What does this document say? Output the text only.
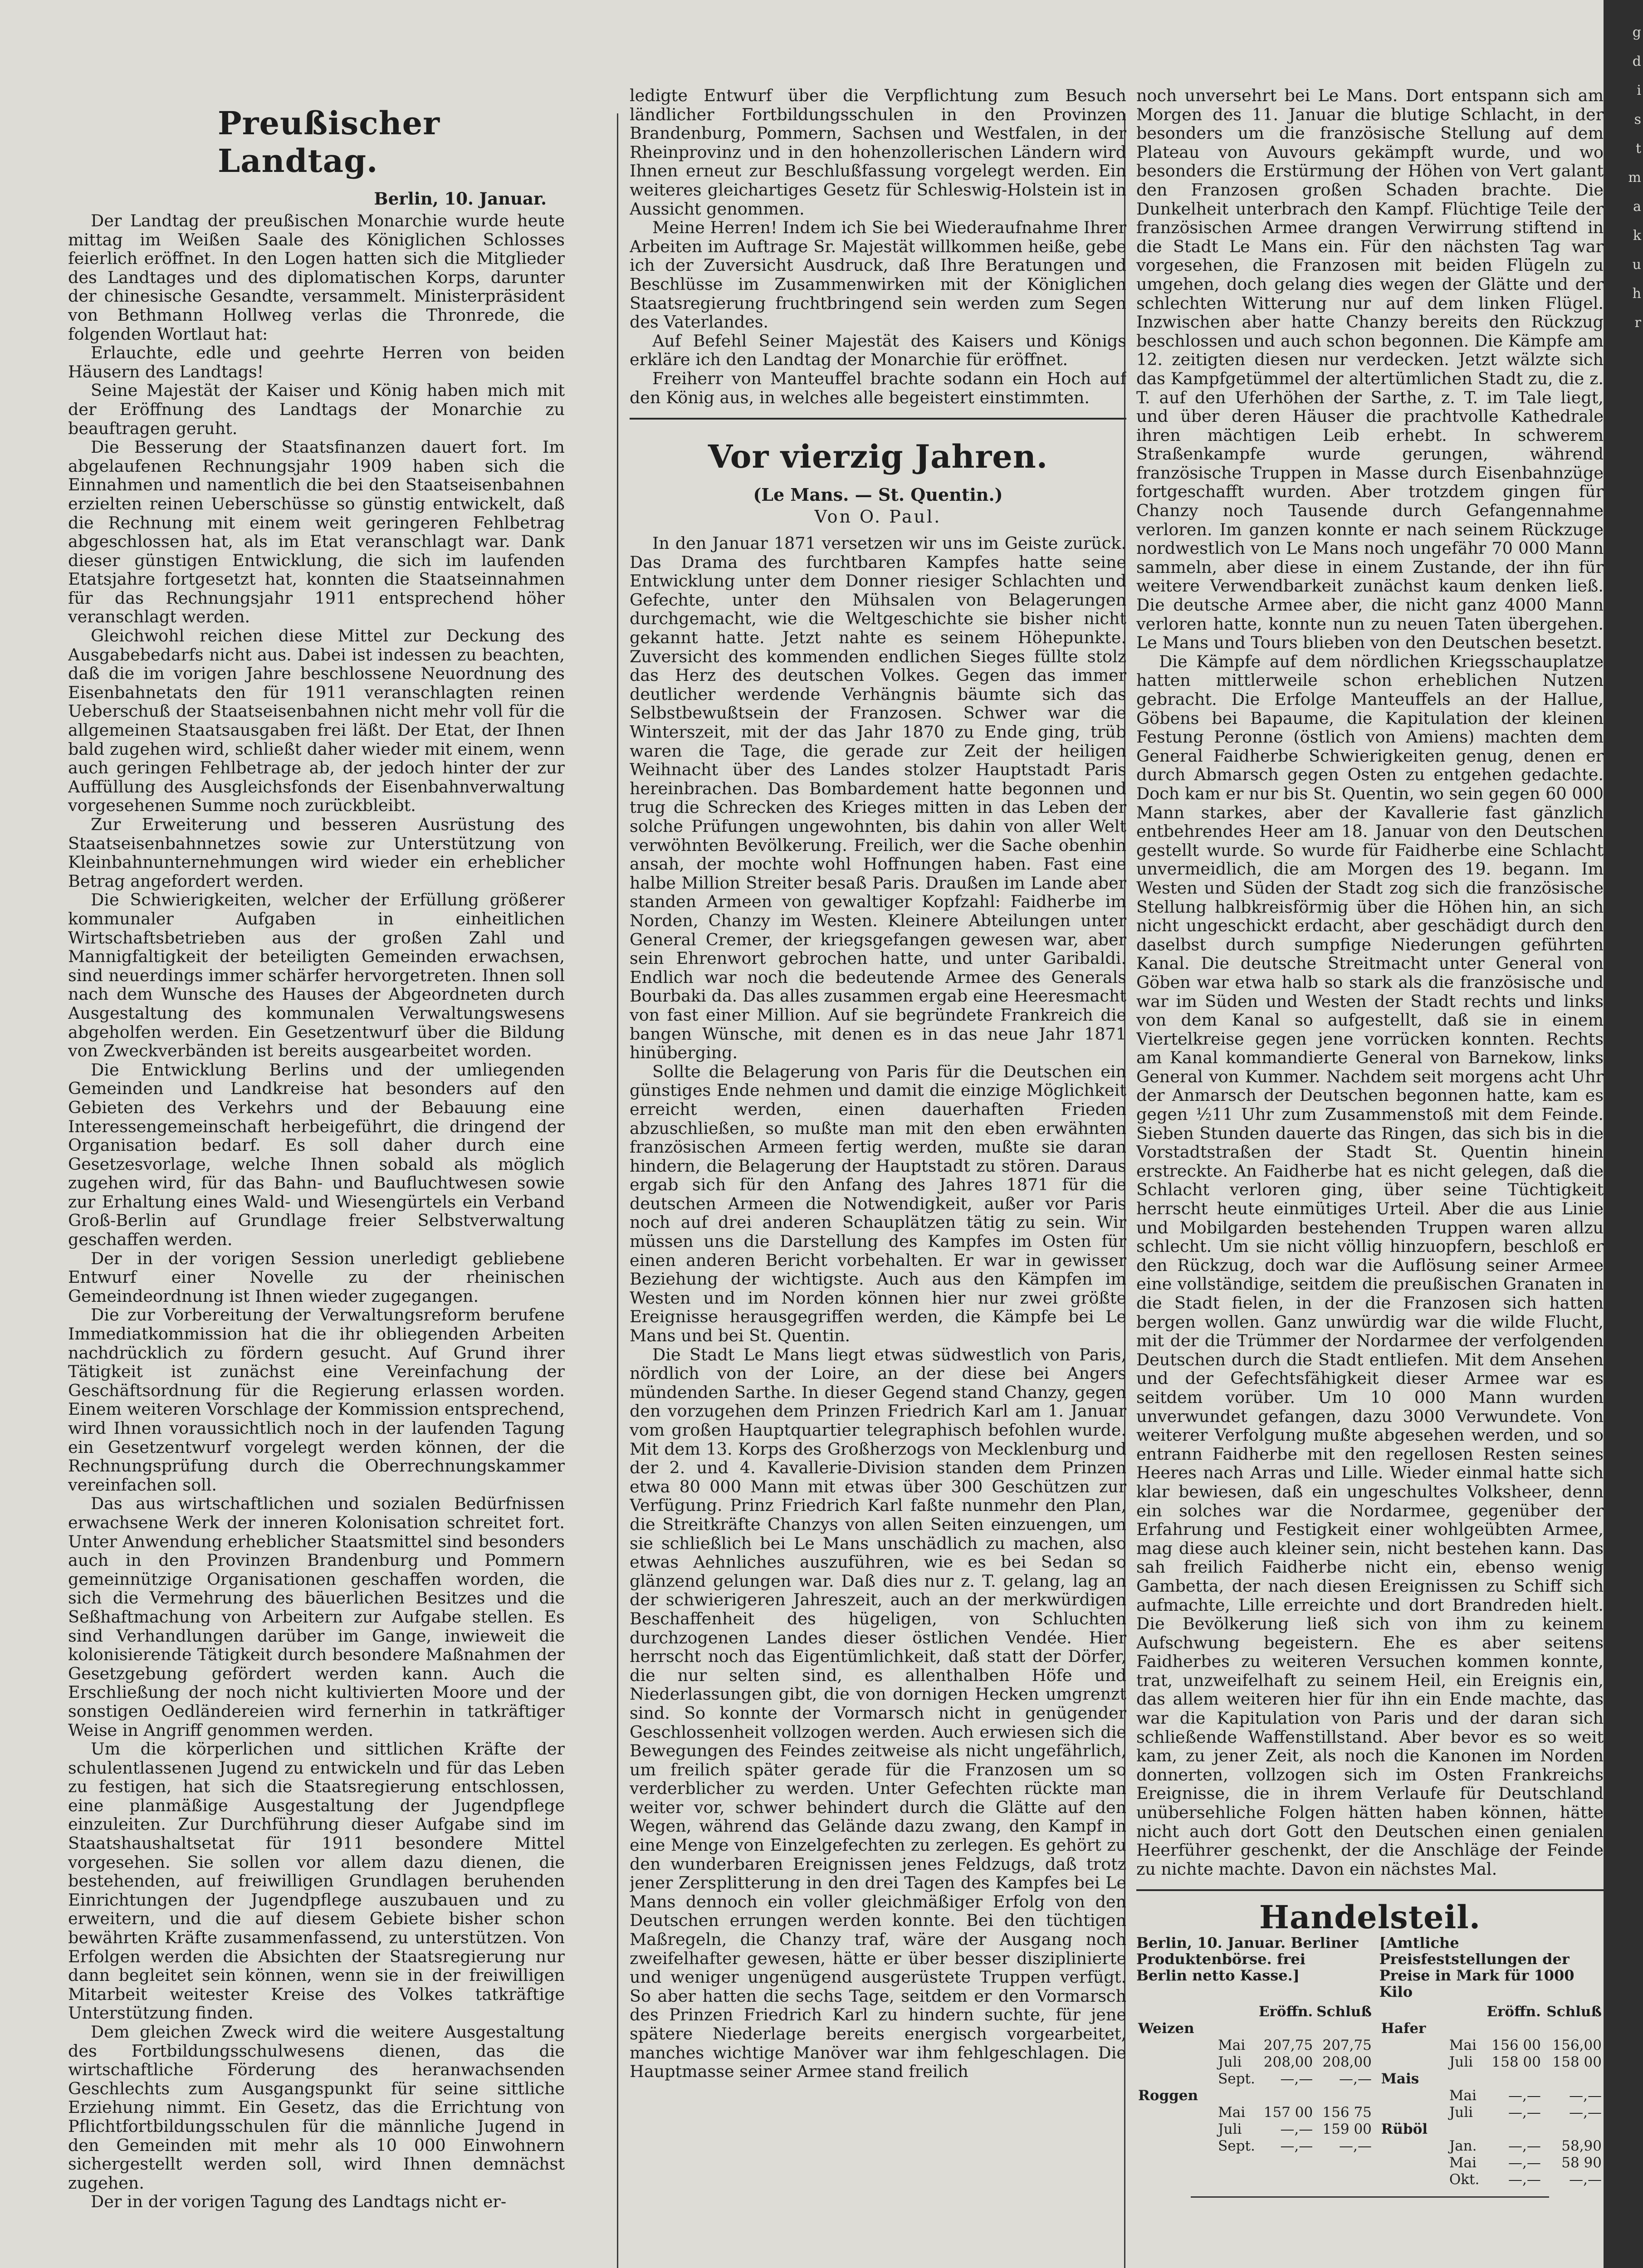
Preußischer Landtag.
Berlin, 10. Januar.

Der Landtag der preußischen Monarchie wurde heute mittag im Weißen Saale des Königlichen Schlosses feierlich eröffnet. In den Logen hatten sich die Mitglieder des Landtages und des diplomatischen Korps, darunter der chinesische Gesandte, versammelt. Ministerpräsident von Bethmann Hollweg verlas die Thronrede, die folgenden Wortlaut hat:

Erlauchte, edle und geehrte Herren von beiden Häusern des Landtags!

Seine Majestät der Kaiser und König haben mich mit der Eröffnung des Landtags der Monarchie zu beauftragen geruht.

Die Besserung der Staatsfinanzen dauert fort. Im abgelaufenen Rechnungsjahr 1909 haben sich die Einnahmen und namentlich die bei den Staatseisenbahnen erzielten reinen Ueberschüsse so günstig entwickelt, daß die Rechnung mit einem weit geringeren Fehlbetrag abgeschlossen hat, als im Etat veranschlagt war. Dank dieser günstigen Entwicklung, die sich im laufenden Etatsjahre fortgesetzt hat, konnten die Staatseinnahmen für das Rechnungsjahr 1911 entsprechend höher veranschlagt werden.

Gleichwohl reichen diese Mittel zur Deckung des Ausgabebedarfs nicht aus. Dabei ist indessen zu beachten, daß die im vorigen Jahre beschlossene Neuordnung des Eisenbahnetats den für 1911 veranschlagten reinen Ueberschuß der Staatseisenbahnen nicht mehr voll für die allgemeinen Staatsausgaben frei läßt. Der Etat, der Ihnen bald zugehen wird, schließt daher wieder mit einem, wenn auch geringen Fehlbetrage ab, der jedoch hinter der zur Auffüllung des Ausgleichsfonds der Eisenbahnverwaltung vorgesehenen Summe noch zurückbleibt.

Zur Erweiterung und besseren Ausrüstung des Staatseisenbahnnetzes sowie zur Unterstützung von Kleinbahnunternehmungen wird wieder ein erheblicher Betrag angefordert werden.

Die Schwierigkeiten, welcher der Erfüllung größerer kommunaler Aufgaben in einheitlichen Wirtschaftsbetrieben aus der großen Zahl und Mannigfaltigkeit der beteiligten Gemeinden erwachsen, sind neuerdings immer schärfer hervorgetreten. Ihnen soll nach dem Wunsche des Hauses der Abgeordneten durch Ausgestaltung des kommunalen Verwaltungswesens abgeholfen werden. Ein Gesetzentwurf über die Bildung von Zweckverbänden ist bereits ausgearbeitet worden.

Die Entwicklung Berlins und der umliegenden Gemeinden und Landkreise hat besonders auf den Gebieten des Verkehrs und der Bebauung eine Interessengemeinschaft herbeigeführt, die dringend der Organisation bedarf. Es soll daher durch eine Gesetzesvorlage, welche Ihnen sobald als möglich zugehen wird, für das Bahn- und Baufluchtwesen sowie zur Erhaltung eines Wald- und Wiesengürtels ein Verband Groß-Berlin auf Grundlage freier Selbstverwaltung geschaffen werden.

Der in der vorigen Session unerledigt gebliebene Entwurf einer Novelle zu der rheinischen Gemeindeordnung ist Ihnen wieder zugegangen.

Die zur Vorbereitung der Verwaltungsreform berufene Immediatkommission hat die ihr obliegenden Arbeiten nachdrücklich zu fördern gesucht. Auf Grund ihrer Tätigkeit ist zunächst eine Vereinfachung der Geschäftsordnung für die Regierung erlassen worden. Einem weiteren Vorschlage der Kommission entsprechend, wird Ihnen voraussichtlich noch in der laufenden Tagung ein Gesetzentwurf vorgelegt werden können, der die Rechnungsprüfung durch die Oberrechnungskammer vereinfachen soll.

Das aus wirtschaftlichen und sozialen Bedürfnissen erwachsene Werk der inneren Kolonisation schreitet fort. Unter Anwendung erheblicher Staatsmittel sind besonders auch in den Provinzen Brandenburg und Pommern gemeinnützige Organisationen geschaffen worden, die sich die Vermehrung des bäuerlichen Besitzes und die Seßhaftmachung von Arbeitern zur Aufgabe stellen. Es sind Verhandlungen darüber im Gange, inwieweit die kolonisierende Tätigkeit durch besondere Maßnahmen der Gesetzgebung gefördert werden kann. Auch die Erschließung der noch nicht kultivierten Moore und der sonstigen Oedländereien wird fernerhin in tatkräftiger Weise in Angriff genommen werden.

Um die körperlichen und sittlichen Kräfte der schulentlassenen Jugend zu entwickeln und für das Leben zu festigen, hat sich die Staatsregierung entschlossen, eine planmäßige Ausgestaltung der Jugendpflege einzuleiten. Zur Durchführung dieser Aufgabe sind im Staatshaushaltsetat für 1911 besondere Mittel vorgesehen. Sie sollen vor allem dazu dienen, die bestehenden, auf freiwilligen Grundlagen beruhenden Einrichtungen der Jugendpflege auszubauen und zu erweitern, und die auf diesem Gebiete bisher schon bewährten Kräfte zusammenfassend, zu unterstützen. Von Erfolgen werden die Absichten der Staatsregierung nur dann begleitet sein können, wenn sie in der freiwilligen Mitarbeit weitester Kreise des Volkes tatkräftige Unterstützung finden.

Dem gleichen Zweck wird die weitere Ausgestaltung des Fortbildungsschulwesens dienen, das die wirtschaftliche Förderung des heranwachsenden Geschlechts zum Ausgangspunkt für seine sittliche Erziehung nimmt. Ein Gesetz, das die Errichtung von Pflichtfortbildungsschulen für die männliche Jugend in den Gemeinden mit mehr als 10 000 Einwohnern sichergestellt werden soll, wird Ihnen demnächst zugehen.

Der in der vorigen Tagung des Landtags nicht er-

ledigte Entwurf über die Verpflichtung zum Besuch ländlicher Fortbildungsschulen in den Provinzen Brandenburg, Pommern, Sachsen und Westfalen, in der Rheinprovinz und in den hohenzollerischen Ländern wird Ihnen erneut zur Beschlußfassung vorgelegt werden. Ein weiteres gleichartiges Gesetz für Schleswig-Holstein ist in Aussicht genommen.

Meine Herren! Indem ich Sie bei Wiederaufnahme Ihrer Arbeiten im Auftrage Sr. Majestät willkommen heiße, gebe ich der Zuversicht Ausdruck, daß Ihre Beratungen und Beschlüsse im Zusammenwirken mit der Königlichen Staatsregierung fruchtbringend sein werden zum Segen des Vaterlandes.

Auf Befehl Seiner Majestät des Kaisers und Königs erkläre ich den Landtag der Monarchie für eröffnet.

Freiherr von Manteuffel brachte sodann ein Hoch auf den König aus, in welches alle begeistert einstimmten.

Vor vierzig Jahren.
(Le Mans. — St. Quentin.)
Von O. Paul.

In den Januar 1871 versetzen wir uns im Geiste zurück. Das Drama des furchtbaren Kampfes hatte seine Entwicklung unter dem Donner riesiger Schlachten und Gefechte, unter den Mühsalen von Belagerungen durchgemacht, wie die Weltgeschichte sie bisher nicht gekannt hatte. Jetzt nahte es seinem Höhepunkte. Zuversicht des kommenden endlichen Sieges füllte stolz das Herz des deutschen Volkes. Gegen das immer deutlicher werdende Verhängnis bäumte sich das Selbstbewußtsein der Franzosen. Schwer war die Winterszeit, mit der das Jahr 1870 zu Ende ging, trüb waren die Tage, die gerade zur Zeit der heiligen Weihnacht über des Landes stolzer Hauptstadt Paris hereinbrachen. Das Bombardement hatte begonnen und trug die Schrecken des Krieges mitten in das Leben der solche Prüfungen ungewohnten, bis dahin von aller Welt verwöhnten Bevölkerung. Freilich, wer die Sache obenhin ansah, der mochte wohl Hoffnungen haben. Fast eine halbe Million Streiter besaß Paris. Draußen im Lande aber standen Armeen von gewaltiger Kopfzahl: Faidherbe im Norden, Chanzy im Westen. Kleinere Abteilungen unter General Cremer, der kriegsgefangen gewesen war, aber sein Ehrenwort gebrochen hatte, und unter Garibaldi. Endlich war noch die bedeutende Armee des Generals Bourbaki da. Das alles zusammen ergab eine Heeresmacht von fast einer Million. Auf sie begründete Frankreich die bangen Wünsche, mit denen es in das neue Jahr 1871 hinüberging.

Sollte die Belagerung von Paris für die Deutschen ein günstiges Ende nehmen und damit die einzige Möglichkeit erreicht werden, einen dauerhaften Frieden abzuschließen, so mußte man mit den eben erwähnten französischen Armeen fertig werden, mußte sie daran hindern, die Belagerung der Hauptstadt zu stören. Daraus ergab sich für den Anfang des Jahres 1871 für die deutschen Armeen die Notwendigkeit, außer vor Paris noch auf drei anderen Schauplätzen tätig zu sein. Wir müssen uns die Darstellung des Kampfes im Osten für einen anderen Bericht vorbehalten. Er war in gewisser Beziehung der wichtigste. Auch aus den Kämpfen im Westen und im Norden können hier nur zwei größte Ereignisse herausgegriffen werden, die Kämpfe bei Le Mans und bei St. Quentin.

Die Stadt Le Mans liegt etwas südwestlich von Paris, nördlich von der Loire, an der diese bei Angers mündenden Sarthe. In dieser Gegend stand Chanzy, gegen den vorzugehen dem Prinzen Friedrich Karl am 1. Januar vom großen Hauptquartier telegraphisch befohlen wurde. Mit dem 13. Korps des Großherzogs von Mecklenburg und der 2. und 4. Kavallerie-Division standen dem Prinzen etwa 80 000 Mann mit etwas über 300 Geschützen zur Verfügung. Prinz Friedrich Karl faßte nunmehr den Plan, die Streitkräfte Chanzys von allen Seiten einzuengen, um sie schließlich bei Le Mans unschädlich zu machen, also etwas Aehnliches auszuführen, wie es bei Sedan so glänzend gelungen war. Daß dies nur z. T. gelang, lag an der schwierigeren Jahreszeit, auch an der merkwürdigen Beschaffenheit des hügeligen, von Schluchten durchzogenen Landes dieser östlichen Vendée. Hier herrscht noch das Eigentümlichkeit, daß statt der Dörfer, die nur selten sind, es allenthalben Höfe und Niederlassungen gibt, die von dornigen Hecken umgrenzt sind. So konnte der Vormarsch nicht in genügender Geschlossenheit vollzogen werden. Auch erwiesen sich die Bewegungen des Feindes zeitweise als nicht ungefährlich, um freilich später gerade für die Franzosen um so verderblicher zu werden. Unter Gefechten rückte man weiter vor, schwer behindert durch die Glätte auf den Wegen, während das Gelände dazu zwang, den Kampf in eine Menge von Einzelgefechten zu zerlegen. Es gehört zu den wunderbaren Ereignissen jenes Feldzugs, daß trotz jener Zersplitterung in den drei Tagen des Kampfes bei Le Mans dennoch ein voller gleichmäßiger Erfolg von den Deutschen errungen werden konnte. Bei den tüchtigen Maßregeln, die Chanzy traf, wäre der Ausgang noch zweifelhafter gewesen, hätte er über besser disziplinierte und weniger ungenügend ausgerüstete Truppen verfügt. So aber hatten die sechs Tage, seitdem er den Vormarsch des Prinzen Friedrich Karl zu hindern suchte, für jene spätere Niederlage bereits energisch vorgearbeitet, manches wichtige Manöver war ihm fehlgeschlagen. Die Hauptmasse seiner Armee stand freilich

noch unversehrt bei Le Mans. Dort entspann sich am Morgen des 11. Januar die blutige Schlacht, in der besonders um die französische Stellung auf dem Plateau von Auvours gekämpft wurde, und wo besonders die Erstürmung der Höhen von Vert galant den Franzosen großen Schaden brachte. Die Dunkelheit unterbrach den Kampf. Flüchtige Teile der französischen Armee drangen Verwirrung stiftend in die Stadt Le Mans ein. Für den nächsten Tag war vorgesehen, die Franzosen mit beiden Flügeln zu umgehen, doch gelang dies wegen der Glätte und der schlechten Witterung nur auf dem linken Flügel. Inzwischen aber hatte Chanzy bereits den Rückzug beschlossen und auch schon begonnen. Die Kämpfe am 12. zeitigten diesen nur verdecken. Jetzt wälzte sich das Kampfgetümmel der altertümlichen Stadt zu, die z. T. auf den Uferhöhen der Sarthe, z. T. im Tale liegt, und über deren Häuser die prachtvolle Kathedrale ihren mächtigen Leib erhebt. In schwerem Straßenkampfe wurde gerungen, während französische Truppen in Masse durch Eisenbahnzüge fortgeschafft wurden. Aber trotzdem gingen für Chanzy noch Tausende durch Gefangennahme verloren. Im ganzen konnte er nach seinem Rückzuge nordwestlich von Le Mans noch ungefähr 70 000 Mann sammeln, aber diese in einem Zustande, der ihn für weitere Verwendbarkeit zunächst kaum denken ließ. Die deutsche Armee aber, die nicht ganz 4000 Mann verloren hatte, konnte nun zu neuen Taten übergehen. Le Mans und Tours blieben von den Deutschen besetzt.

Die Kämpfe auf dem nördlichen Kriegsschauplatze hatten mittlerweile schon erheblichen Nutzen gebracht. Die Erfolge Manteuffels an der Hallue, Göbens bei Bapaume, die Kapitulation der kleinen Festung Peronne (östlich von Amiens) machten dem General Faidherbe Schwierigkeiten genug, denen er durch Abmarsch gegen Osten zu entgehen gedachte. Doch kam er nur bis St. Quentin, wo sein gegen 60 000 Mann starkes, aber der Kavallerie fast gänzlich entbehrendes Heer am 18. Januar von den Deutschen gestellt wurde. So wurde für Faidherbe eine Schlacht unvermeidlich, die am Morgen des 19. begann. Im Westen und Süden der Stadt zog sich die französische Stellung halbkreisförmig über die Höhen hin, an sich nicht ungeschickt erdacht, aber geschädigt durch den daselbst durch sumpfige Niederungen geführten Kanal. Die deutsche Streitmacht unter General von Göben war etwa halb so stark als die französische und war im Süden und Westen der Stadt rechts und links von dem Kanal so aufgestellt, daß sie in einem Viertelkreise gegen jene vorrücken konnten. Rechts am Kanal kommandierte General von Barnekow, links General von Kummer. Nachdem seit morgens acht Uhr der Anmarsch der Deutschen begonnen hatte, kam es gegen ½11 Uhr zum Zusammenstoß mit dem Feinde. Sieben Stunden dauerte das Ringen, das sich bis in die Vorstadtstraßen der Stadt St. Quentin hinein erstreckte. An Faidherbe hat es nicht gelegen, daß die Schlacht verloren ging, über seine Tüchtigkeit herrscht heute einmütiges Urteil. Aber die aus Linie und Mobilgarden bestehenden Truppen waren allzu schlecht. Um sie nicht völlig hinzuopfern, beschloß er den Rückzug, doch war die Auflösung seiner Armee eine vollständige, seitdem die preußischen Granaten in die Stadt fielen, in der die Franzosen sich hatten bergen wollen. Ganz unwürdig war die wilde Flucht, mit der die Trümmer der Nordarmee der verfolgenden Deutschen durch die Stadt entliefen. Mit dem Ansehen und der Gefechtsfähigkeit dieser Armee war es seitdem vorüber. Um 10 000 Mann wurden unverwundet gefangen, dazu 3000 Verwundete. Von weiterer Verfolgung mußte abgesehen werden, und so entrann Faidherbe mit den regellosen Resten seines Heeres nach Arras und Lille. Wieder einmal hatte sich klar bewiesen, daß ein ungeschultes Volksheer, denn ein solches war die Nordarmee, gegenüber der Erfahrung und Festigkeit einer wohlgeübten Armee, mag diese auch kleiner sein, nicht bestehen kann. Das sah freilich Faidherbe nicht ein, ebenso wenig Gambetta, der nach diesen Ereignissen zu Schiff sich aufmachte, Lille erreichte und dort Brandreden hielt. Die Bevölkerung ließ sich von ihm zu keinem Aufschwung begeistern. Ehe es aber seitens Faidherbes zu weiteren Versuchen kommen konnte, trat, unzweifelhaft zu seinem Heil, ein Ereignis ein, das allem weiteren hier für ihn ein Ende machte, das war die Kapitulation von Paris und der daran sich schließende Waffenstillstand. Aber bevor es so weit kam, zu jener Zeit, als noch die Kanonen im Norden donnerten, vollzogen sich im Osten Frankreichs Ereignisse, die in ihrem Verlaufe für Deutschland unübersehliche Folgen hätten haben können, hätte nicht auch dort Gott den Deutschen einen genialen Heerführer geschenkt, der die Anschläge der Feinde zu nichte machte. Davon ein nächstes Mal.

Handelsteil.
Berlin, 10. Januar. Berliner Produktenbörse. frei Berlin netto Kasse.]
[Amtliche Preisfeststellungen der Preise in Mark für 1000 Kilo
		Eröffn.	Schluß
Weizen			
	Mai	207,75	207,75
	Juli	208,00	208,00
	Sept.	—,—	—,—

Roggen			
	Mai	157 00	156 75
	Juli	—,—	159 00
	Sept.	—,—	—,—
		Eröffn.	Schluß
Hafer			
	Mai	156 00	156,00
	Juli	158 00	158 00
Mais			
	Mai	—,—	—,—
	Juli	—,—	—,—
Rüböl			
	Jan.	—,—	58,90
	Mai	—,—	58 90
	Okt.	—,—	—,—
g
d
i
s
t
m
a
k
u
h
r
